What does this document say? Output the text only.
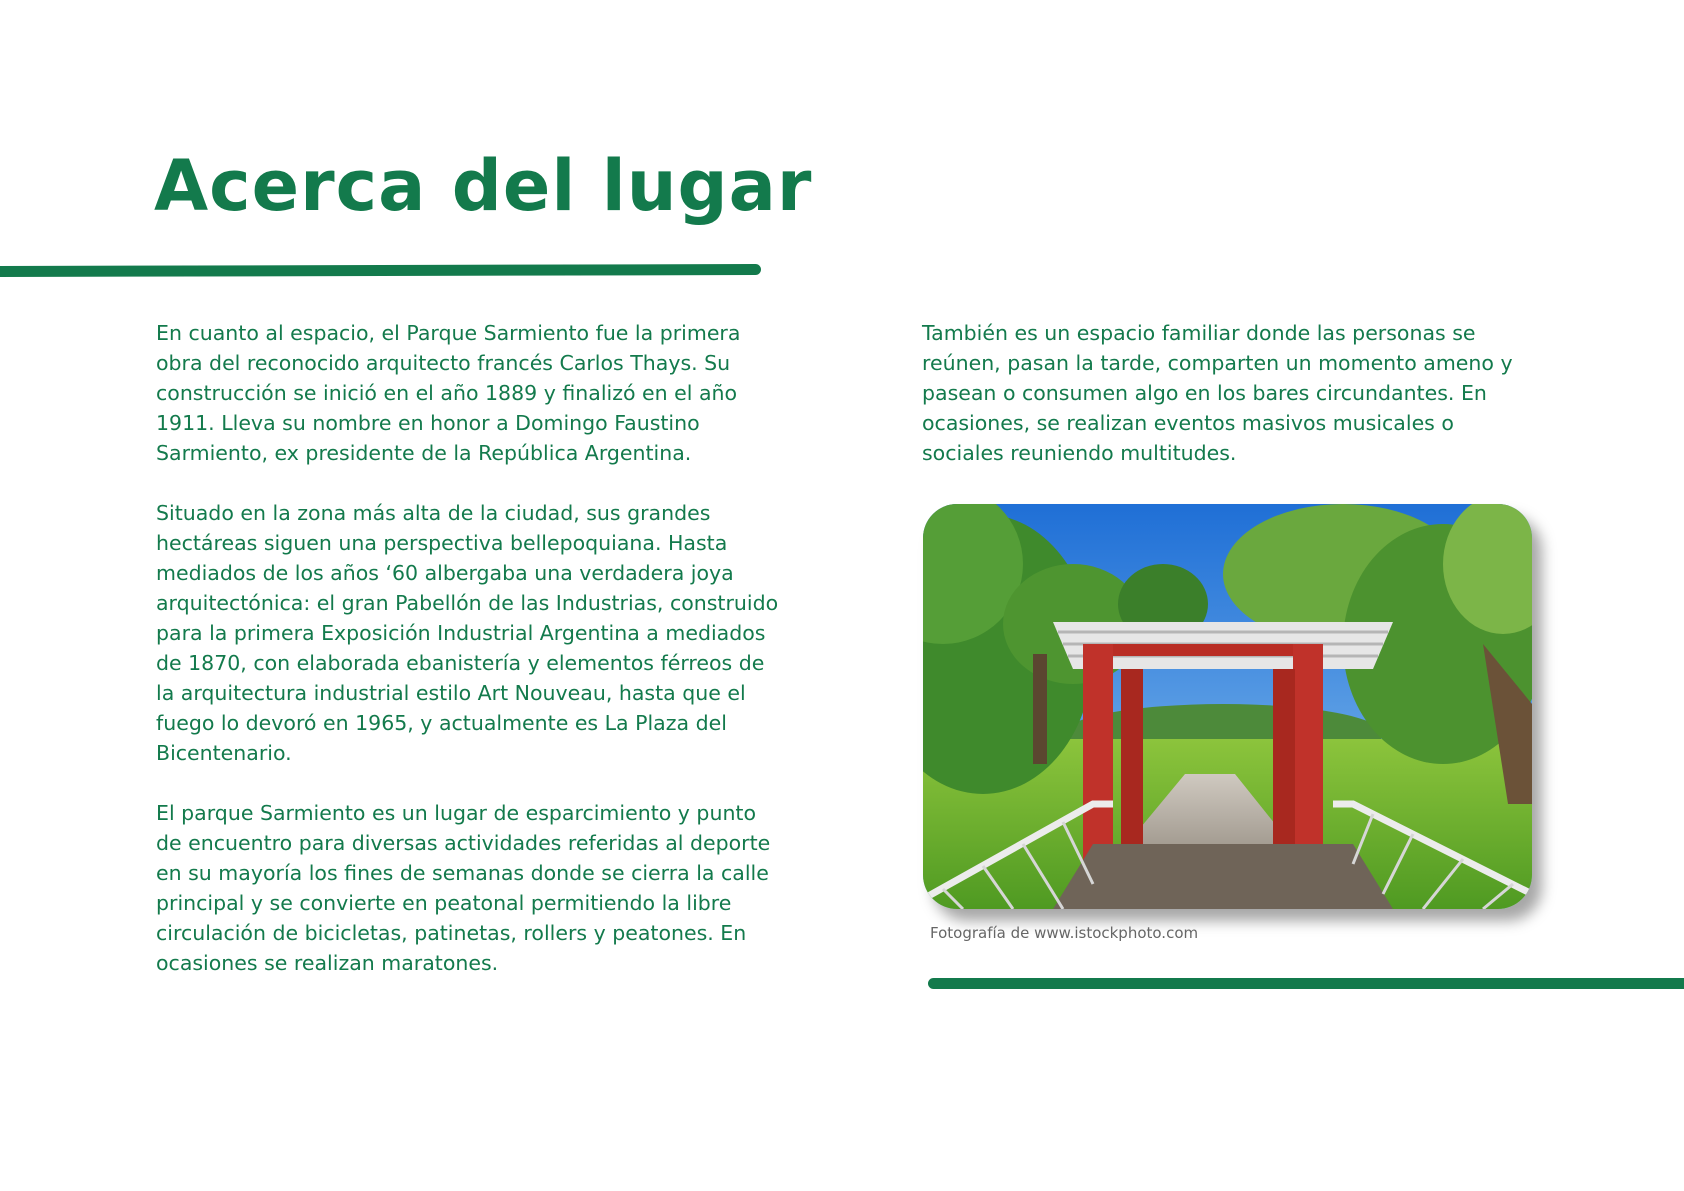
Acerca del lugar

En cuanto al espacio, el Parque Sarmiento fue la primera obra del reconocido arquitecto francés Carlos Thays. Su construcción se inició en el año 1889 y finalizó en el año 1911. Lleva su nombre en honor a Domingo Faustino Sarmiento, ex presidente de la República Argentina.

Situado en la zona más alta de la ciudad, sus grandes hectáreas siguen una perspectiva bellepoquiana. Hasta mediados de los años ‘60 albergaba una verdadera joya arquitectónica: el gran Pabellón de las Industrias, construido para la primera Exposición Industrial Argentina a mediados de 1870, con elaborada ebanistería y elementos férreos de la arquitectura industrial estilo Art Nouveau, hasta que el fuego lo devoró en 1965, y actualmente es La Plaza del Bicentenario.

El parque Sarmiento es un lugar de esparcimiento y punto de encuentro para diversas actividades referidas al deporte en su mayoría los fines de semanas donde se cierra la calle principal y se convierte en peatonal permitiendo la libre circulación de bicicletas, patinetas, rollers y peatones. En ocasiones se realizan maratones.

También es un espacio familiar donde las personas se reúnen, pasan la tarde, comparten un momento ameno y pasean o consumen algo en los bares circundantes. En ocasiones, se realizan eventos masivos musicales o sociales reuniendo multitudes.

Fotografía de www.istockphoto.com
